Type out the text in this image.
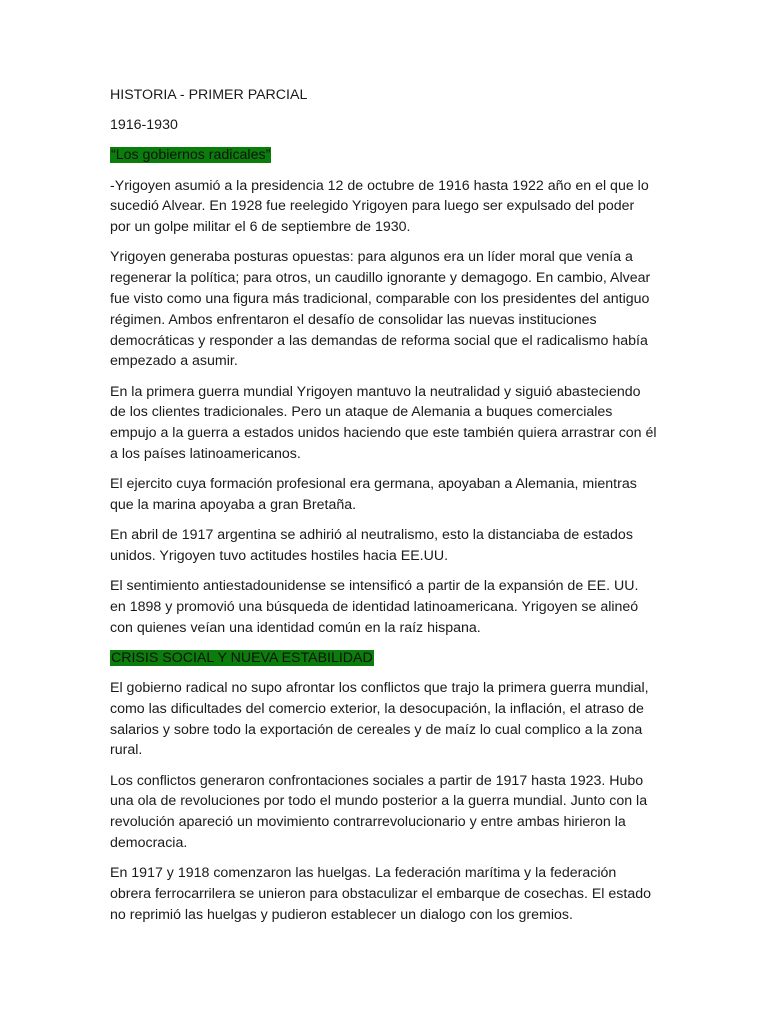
HISTORIA - PRIMER PARCIAL

1916-1930

“Los gobiernos radicales”

-Yrigoyen asumió a la presidencia 12 de octubre de 1916 hasta 1922 año en el que lo sucedió Alvear. En 1928 fue reelegido Yrigoyen para luego ser expulsado del poder por un golpe militar el 6 de septiembre de 1930.

Yrigoyen generaba posturas opuestas: para algunos era un líder moral que venía a regenerar la política; para otros, un caudillo ignorante y demagogo. En cambio, Alvear fue visto como una figura más tradicional, comparable con los presidentes del antiguo régimen. Ambos enfrentaron el desafío de consolidar las nuevas instituciones democráticas y responder a las demandas de reforma social que el radicalismo había empezado a asumir.

En la primera guerra mundial Yrigoyen mantuvo la neutralidad y siguió abasteciendo de los clientes tradicionales. Pero un ataque de Alemania a buques comerciales empujo a la guerra a estados unidos haciendo que este también quiera arrastrar con él a los países latinoamericanos.

El ejercito cuya formación profesional era germana, apoyaban a Alemania, mientras que la marina apoyaba a gran Bretaña.

En abril de 1917 argentina se adhirió al neutralismo, esto la distanciaba de estados unidos. Yrigoyen tuvo actitudes hostiles hacia EE.UU.

El sentimiento antiestadounidense se intensificó a partir de la expansión de EE. UU. en 1898 y promovió una búsqueda de identidad latinoamericana. Yrigoyen se alineó con quienes veían una identidad común en la raíz hispana.

CRISIS SOCIAL Y NUEVA ESTABILIDAD

El gobierno radical no supo afrontar los conflictos que trajo la primera guerra mundial, como las dificultades del comercio exterior, la desocupación, la inflación, el atraso de salarios y sobre todo la exportación de cereales y de maíz lo cual complico a la zona rural.

Los conflictos generaron confrontaciones sociales a partir de 1917 hasta 1923. Hubo una ola de revoluciones por todo el mundo posterior a la guerra mundial. Junto con la revolución apareció un movimiento contrarrevolucionario y entre ambas hirieron la democracia.

En 1917 y 1918 comenzaron las huelgas. La federación marítima y la federación obrera ferrocarrilera se unieron para obstaculizar el embarque de cosechas. El estado no reprimió las huelgas y pudieron establecer un dialogo con los gremios.
